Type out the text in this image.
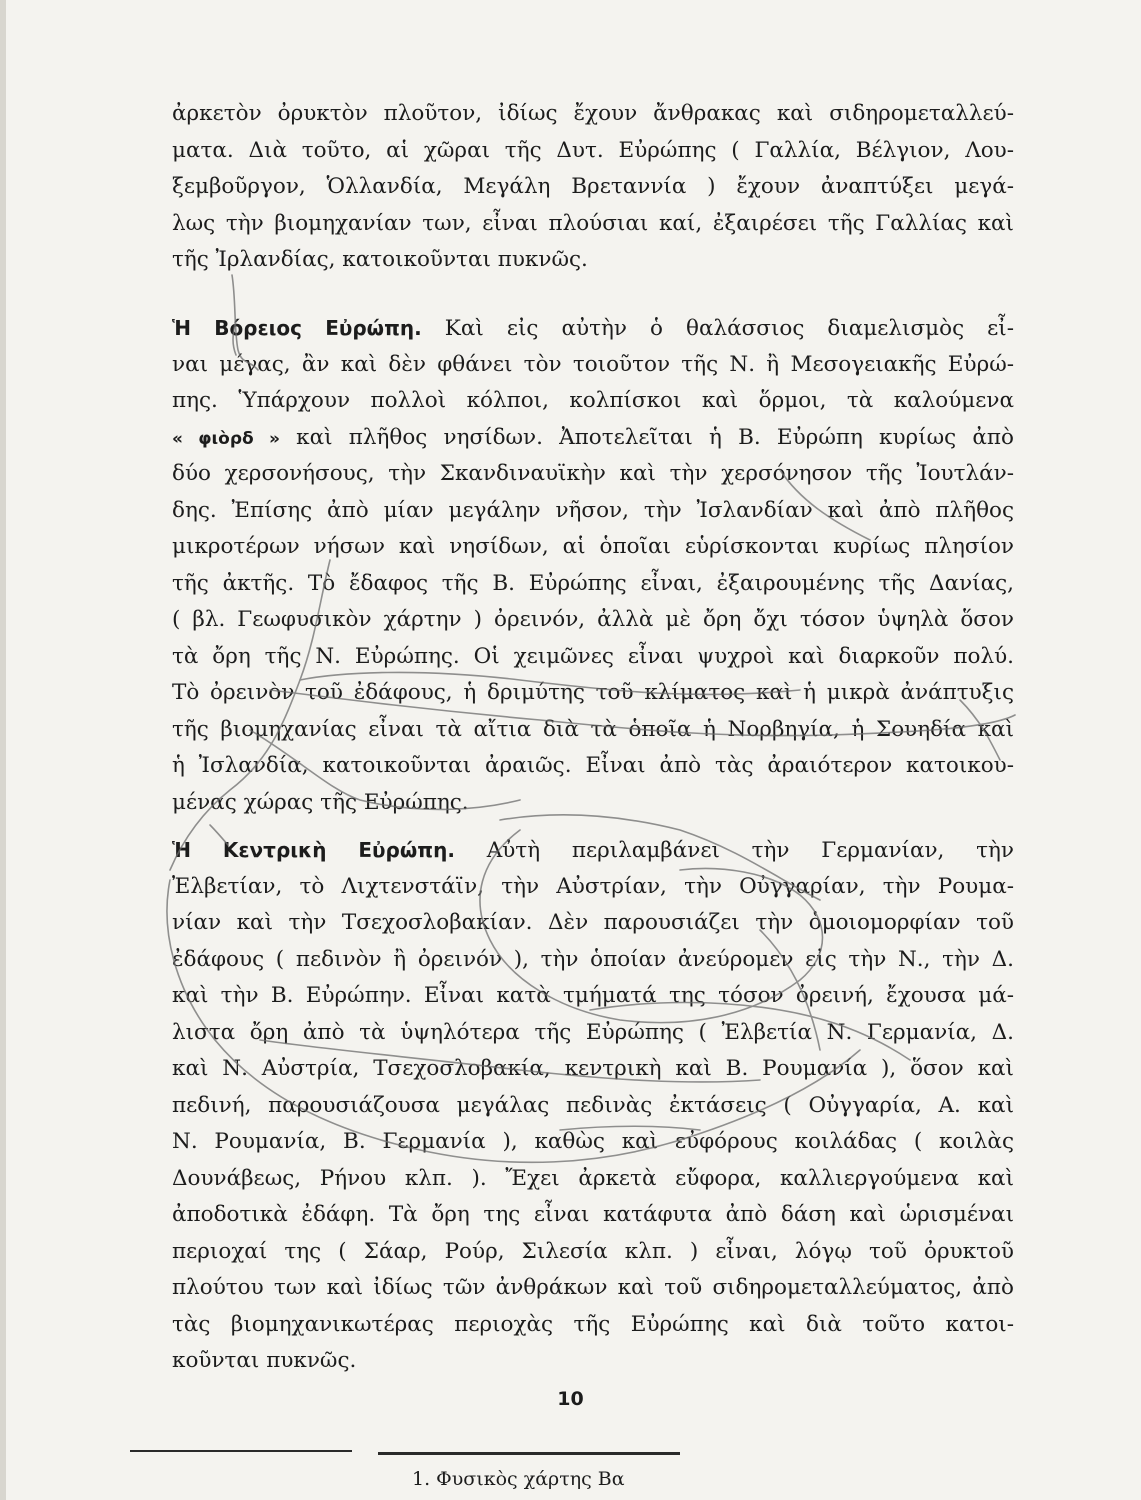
ἀρκετὸν ὀρυκτὸν πλοῦτον, ἰδίως ἔχουν ἄνθρακας καὶ σιδηρομεταλλεύ-
ματα. Διὰ τοῦτο, αἱ χῶραι τῆς Δυτ. Εὐρώπης ( Γαλλία, Βέλγιον, Λου-
ξεμβοῦργον, Ὁλλανδία, Μεγάλη Βρεταννία ) ἔχουν ἀναπτύξει μεγά-
λως τὴν βιομηχανίαν των, εἶναι πλούσιαι καί, ἐξαιρέσει τῆς Γαλλίας καὶ
τῆς Ἰρλανδίας, κατοικοῦνται πυκνῶς.
Ἡ Βόρειος Εὐρώπη. Καὶ εἰς αὐτὴν ὁ θαλάσσιος διαμελισμὸς εἶ-
ναι μέγας, ἂν καὶ δὲν φθάνει τὸν τοιοῦτον τῆς Ν. ἢ Μεσογειακῆς Εὐρώ-
πης. Ὑπάρχουν πολλοὶ κόλποι, κολπίσκοι καὶ ὅρμοι, τὰ καλούμενα
« φιὸρδ » καὶ πλῆθος νησίδων. Ἀποτελεῖται ἡ Β. Εὐρώπη κυρίως ἀπὸ
δύο χερσονήσους, τὴν Σκανδιναυϊκὴν καὶ τὴν χερσόνησον τῆς Ἰουτλάν-
δης. Ἐπίσης ἀπὸ μίαν μεγάλην νῆσον, τὴν Ἰσλανδίαν καὶ ἀπὸ πλῆθος
μικροτέρων νήσων καὶ νησίδων, αἱ ὁποῖαι εὑρίσκονται κυρίως πλησίον
τῆς ἀκτῆς. Τὸ ἔδαφος τῆς Β. Εὐρώπης εἶναι, ἐξαιρουμένης τῆς Δανίας,
( βλ. Γεωφυσικὸν χάρτην ) ὀρεινόν, ἀλλὰ μὲ ὄρη ὄχι τόσον ὑψηλὰ ὅσον
τὰ ὄρη τῆς Ν. Εὐρώπης. Οἱ χειμῶνες εἶναι ψυχροὶ καὶ διαρκοῦν πολύ.
Τὸ ὀρεινὸν τοῦ ἐδάφους, ἡ δριμύτης τοῦ κλίματος καὶ ἡ μικρὰ ἀνάπτυξις
τῆς βιομηχανίας εἶναι τὰ αἴτια διὰ τὰ ὁποῖα ἡ Νορβηγία, ἡ Σουηδία καὶ
ἡ Ἰσλανδία, κατοικοῦνται ἀραιῶς. Εἶναι ἀπὸ τὰς ἀραιότερον κατοικου-
μένας χώρας τῆς Εὐρώπης.
Ἡ Κεντρικὴ Εὐρώπη. Αὐτὴ περιλαμβάνει τὴν Γερμανίαν, τὴν
Ἐλβετίαν, τὸ Λιχτενστάϊν, τὴν Αὐστρίαν, τὴν Οὐγγαρίαν, τὴν Ρουμα-
νίαν καὶ τὴν Τσεχοσλοβακίαν. Δὲν παρουσιάζει τὴν ὁμοιομορφίαν τοῦ
ἐδάφους ( πεδινὸν ἢ ὀρεινόν ), τὴν ὁποίαν ἀνεύρομεν εἰς τὴν Ν., τὴν Δ.
καὶ τὴν Β. Εὐρώπην. Εἶναι κατὰ τμήματά της τόσον ὀρεινή, ἔχουσα μά-
λιστα ὄρη ἀπὸ τὰ ὑψηλότερα τῆς Εὐρώπης ( Ἐλβετία Ν. Γερμανία, Δ.
καὶ Ν. Αὐστρία, Τσεχοσλοβακία, κεντρικὴ καὶ Β. Ρουμανία ), ὅσον καὶ
πεδινή, παρουσιάζουσα μεγάλας πεδινὰς ἐκτάσεις ( Οὐγγαρία, Α. καὶ
Ν. Ρουμανία, Β. Γερμανία ), καθὼς καὶ εὐφόρους κοιλάδας ( κοιλὰς
Δουνάβεως, Ρήνου κλπ. ). Ἔχει ἀρκετὰ εὔφορα, καλλιεργούμενα καὶ
ἀποδοτικὰ ἐδάφη. Τὰ ὄρη της εἶναι κατάφυτα ἀπὸ δάση καὶ ὡρισμέναι
περιοχαί της ( Σάαρ, Ρούρ, Σιλεσία κλπ. ) εἶναι, λόγῳ τοῦ ὀρυκτοῦ
πλούτου των καὶ ἰδίως τῶν ἀνθράκων καὶ τοῦ σιδηρομεταλλεύματος, ἀπὸ
τὰς βιομηχανικωτέρας περιοχὰς τῆς Εὐρώπης καὶ διὰ τοῦτο κατοι-
κοῦνται πυκνῶς.
10
1. Φυσικὸς χάρτης Βα
